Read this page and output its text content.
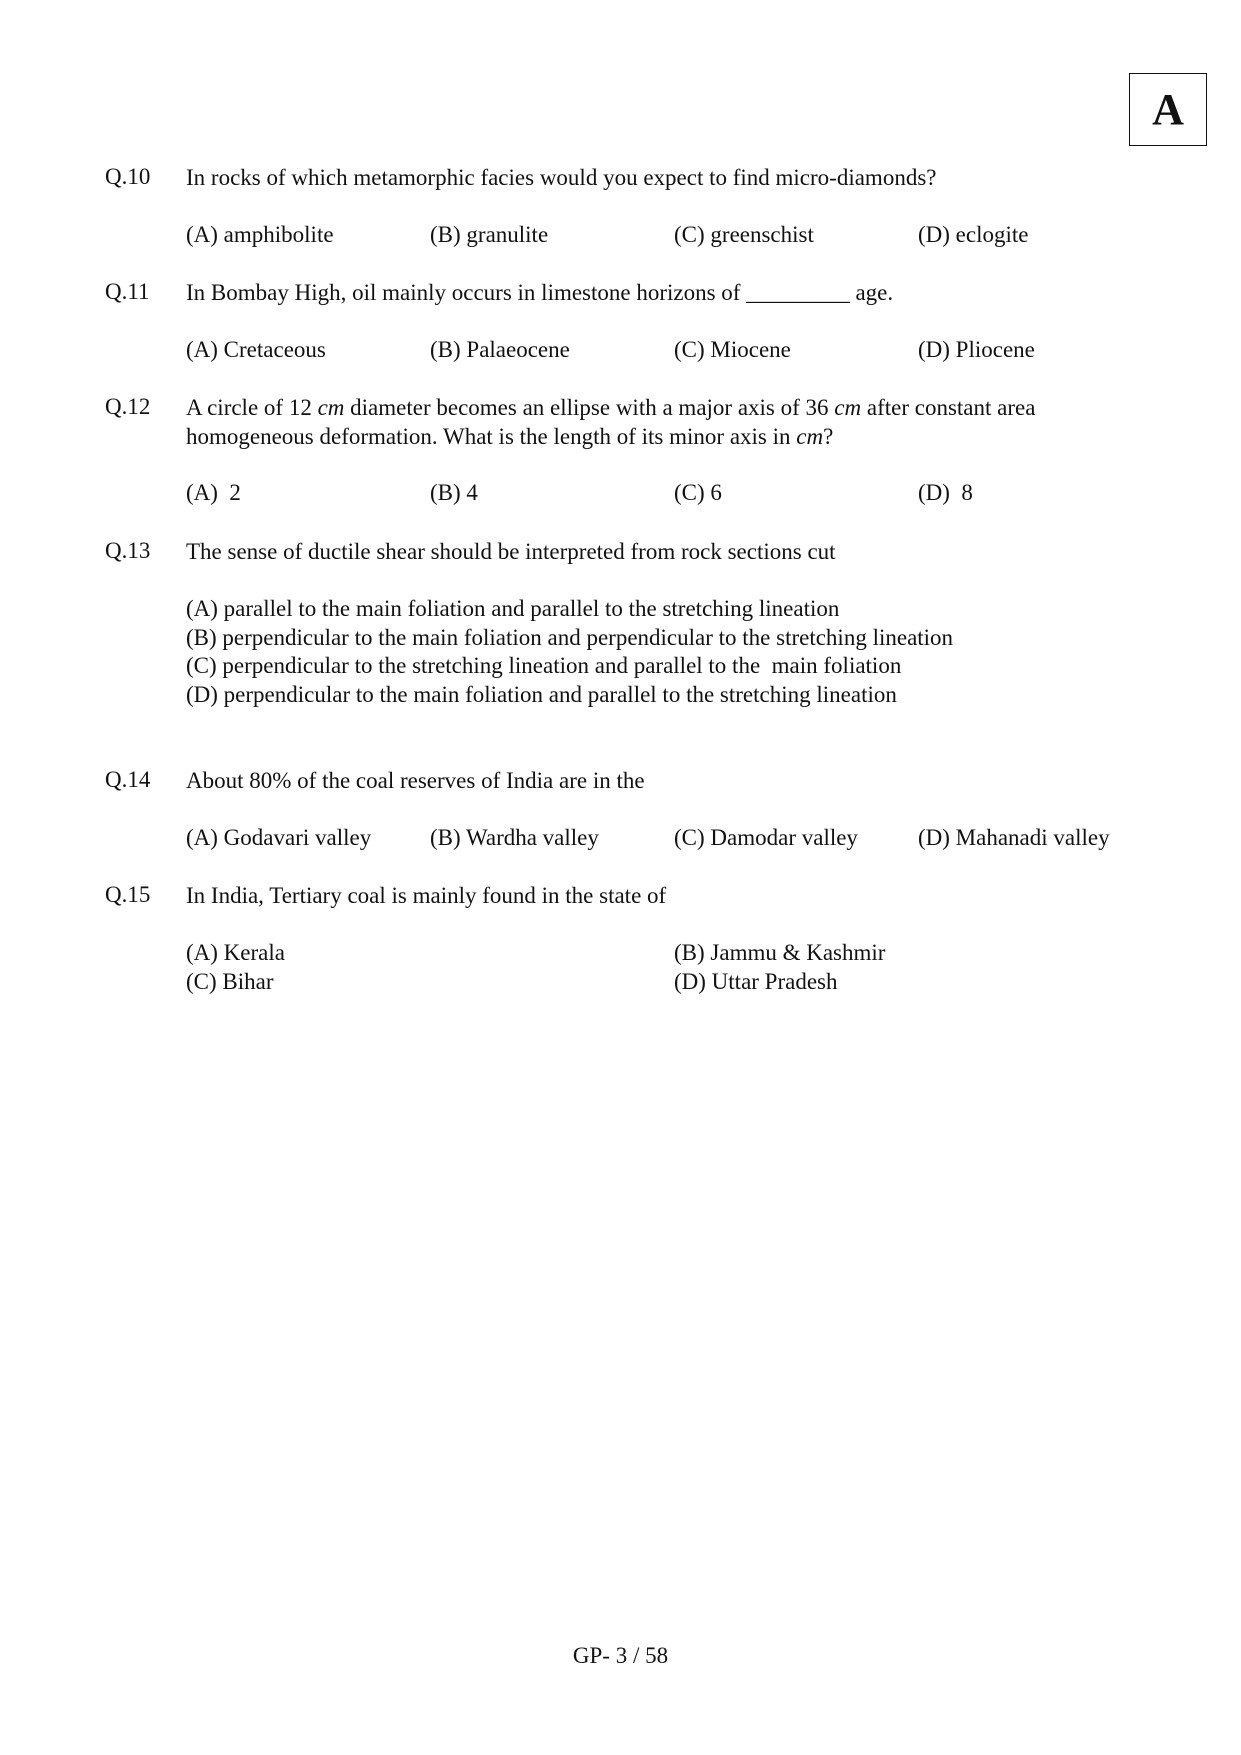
A
Q.10 In rocks of which metamorphic facies would you expect to find micro-diamonds?
(A) amphibolite	(B) granulite	(C) greenschist	(D) eclogite
Q.11 In Bombay High, oil mainly occurs in limestone horizons of _________ age.
(A) Cretaceous	(B) Palaeocene	(C) Miocene	(D) Pliocene
Q.12 A circle of 12 cm diameter becomes an ellipse with a major axis of 36 cm after constant area homogeneous deformation. What is the length of its minor axis in cm?
(A)  2	(B) 4	(C) 6	(D)  8
Q.13 The sense of ductile shear should be interpreted from rock sections cut
(A) parallel to the main foliation and parallel to the stretching lineation
(B) perpendicular to the main foliation and perpendicular to the stretching lineation
(C) perpendicular to the stretching lineation and parallel to the  main foliation
(D) perpendicular to the main foliation and parallel to the stretching lineation
Q.14 About 80% of the coal reserves of India are in the
(A) Godavari valley	(B) Wardha valley	(C) Damodar valley	(D) Mahanadi valley
Q.15 In India, Tertiary coal is mainly found in the state of
(A) Kerala	(B) Jammu & Kashmir
(C) Bihar	(D) Uttar Pradesh
GP- 3 / 58
